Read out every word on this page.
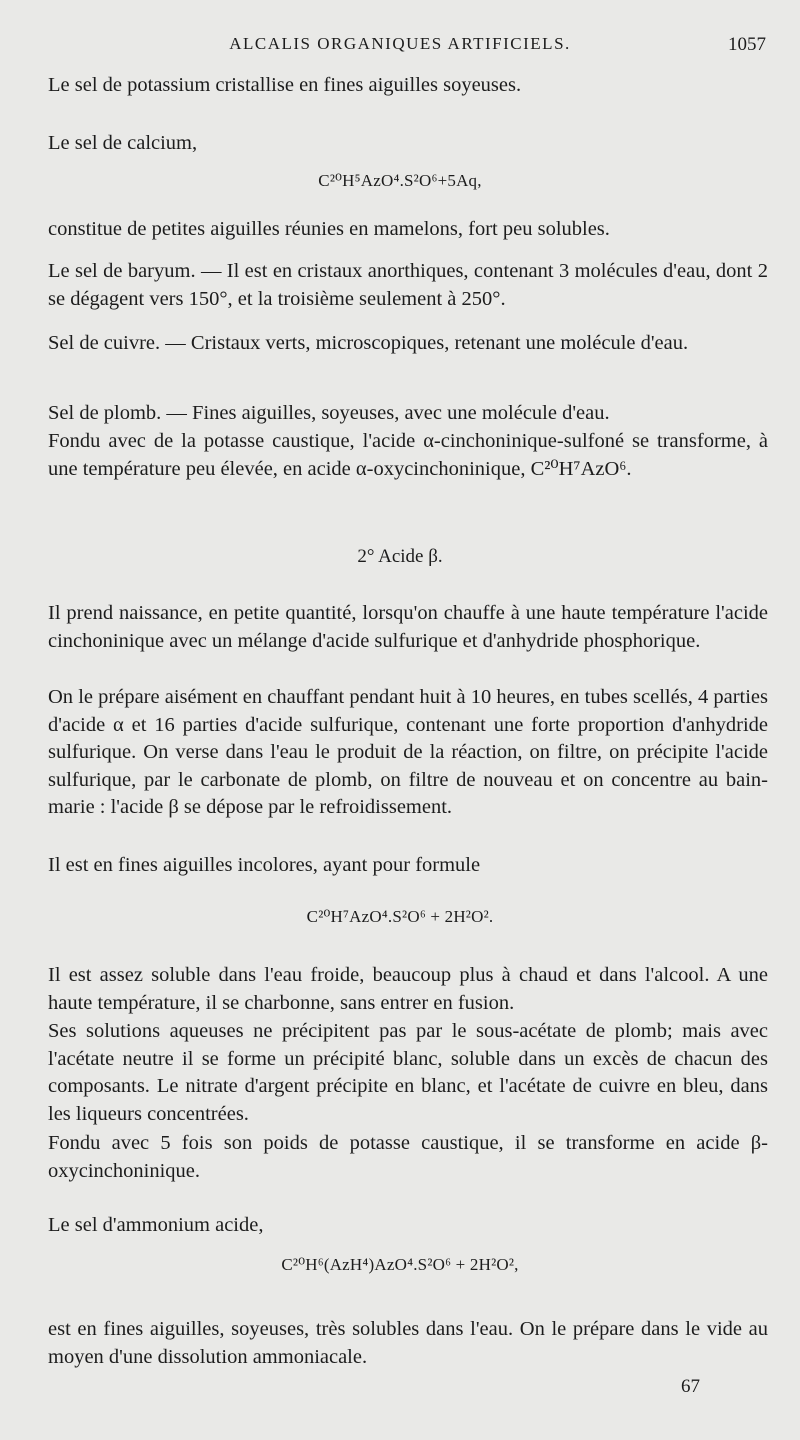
ALCALIS ORGANIQUES ARTIFICIELS.	1057
Le sel de potassium cristallise en fines aiguilles soyeuses.
Le sel de calcium,
C²⁰H⁵AzO⁴.S²O⁶+5Aq,
constitue de petites aiguilles réunies en mamelons, fort peu solubles.
Le sel de baryum. — Il est en cristaux anorthiques, contenant 3 molécules d'eau, dont 2 se dégagent vers 150°, et la troisième seulement à 250°.
Sel de cuivre. — Cristaux verts, microscopiques, retenant une molécule d'eau.
Sel de plomb. — Fines aiguilles, soyeuses, avec une molécule d'eau.
Fondu avec de la potasse caustique, l'acide α-cinchoninique-sulfoné se transforme, à une température peu élevée, en acide α-oxycinchoninique, C²⁰H⁷AzO⁶.
2° Acide β.
Il prend naissance, en petite quantité, lorsqu'on chauffe à une haute température l'acide cinchoninique avec un mélange d'acide sulfurique et d'anhydride phosphorique.
On le prépare aisément en chauffant pendant huit à 10 heures, en tubes scellés, 4 parties d'acide α et 16 parties d'acide sulfurique, contenant une forte proportion d'anhydride sulfurique. On verse dans l'eau le produit de la réaction, on filtre, on précipite l'acide sulfurique, par le carbonate de plomb, on filtre de nouveau et on concentre au bain-marie : l'acide β se dépose par le refroidissement.
Il est en fines aiguilles incolores, ayant pour formule
C²⁰H⁷AzO⁴.S²O⁶ + 2H²O².
Il est assez soluble dans l'eau froide, beaucoup plus à chaud et dans l'alcool. A une haute température, il se charbonne, sans entrer en fusion.
Ses solutions aqueuses ne précipitent pas par le sous-acétate de plomb; mais avec l'acétate neutre il se forme un précipité blanc, soluble dans un excès de chacun des composants. Le nitrate d'argent précipite en blanc, et l'acétate de cuivre en bleu, dans les liqueurs concentrées.
Fondu avec 5 fois son poids de potasse caustique, il se transforme en acide β-oxycinchoninique.
Le sel d'ammonium acide,
C²⁰H⁶(AzH⁴)AzO⁴.S²O⁶ + 2H²O²,
est en fines aiguilles, soyeuses, très solubles dans l'eau. On le prépare dans le vide au moyen d'une dissolution ammoniacale.
67
